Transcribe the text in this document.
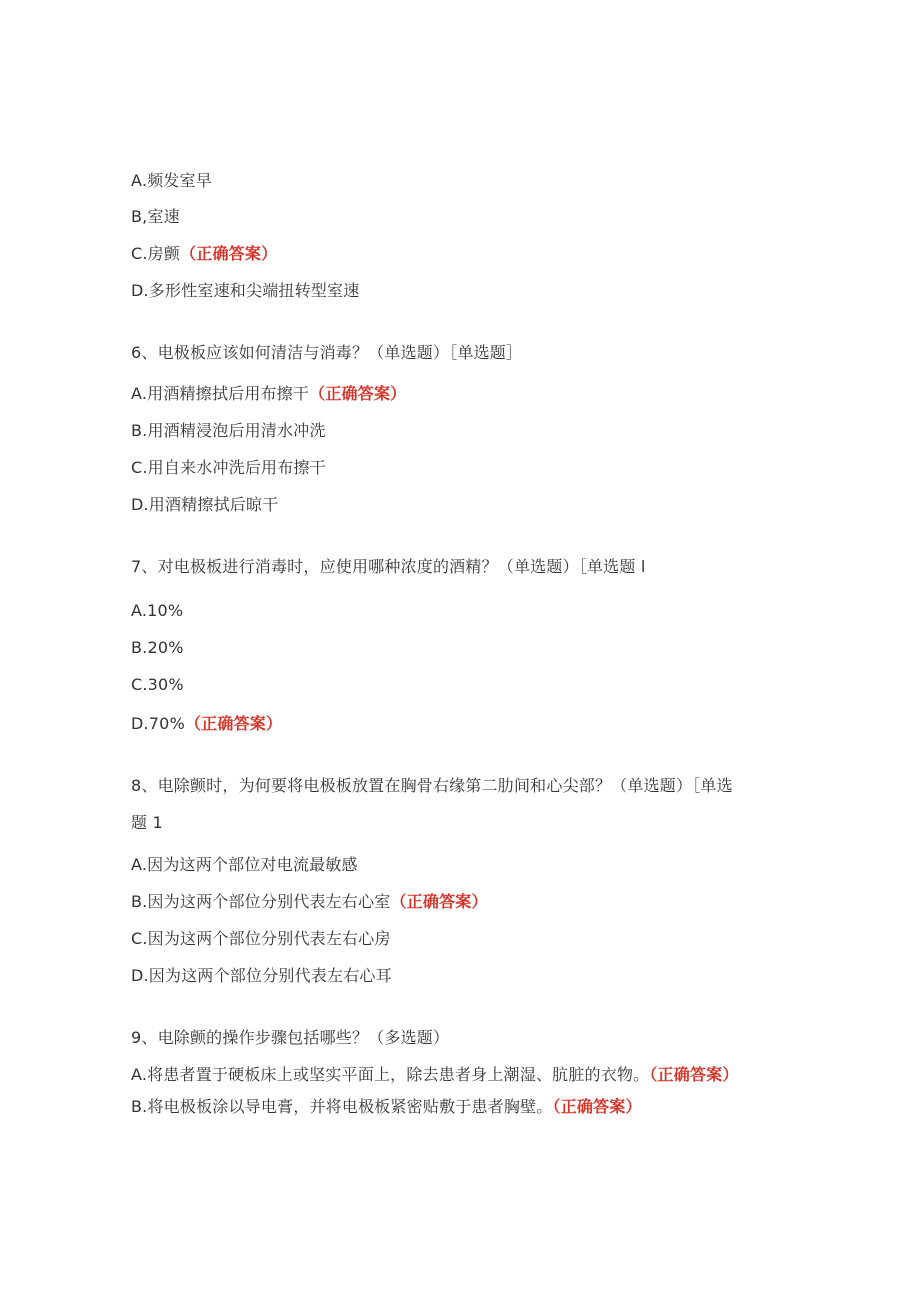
A.频发室早
B,室速
C.房颤（正确答案）
D.多形性室速和尖端扭转型室速
6、电极板应该如何清洁与消毒？（单选题）［单选题］
A.用酒精擦拭后用布擦干（正确答案）
B.用酒精浸泡后用清水冲洗
C.用自来水冲洗后用布擦干
D.用酒精擦拭后晾干
7、对电极板进行消毒时，应使用哪种浓度的酒精？（单选题）［单选题 l
A.10%
B.20%
C.30%
D.70%（正确答案）
8、电除颤时，为何要将电极板放置在胸骨右缘第二肋间和心尖部？（单选题）［单选
题 1
A.因为这两个部位对电流最敏感
B.因为这两个部位分别代表左右心室（正确答案）
C.因为这两个部位分别代表左右心房
D.因为这两个部位分别代表左右心耳
9、电除颤的操作步骤包括哪些？（多选题）
A.将患者置于硬板床上或坚实平面上，除去患者身上潮湿、肮脏的衣物。（正确答案）
B.将电极板涂以导电膏，并将电极板紧密贴敷于患者胸壁。（正确答案）
